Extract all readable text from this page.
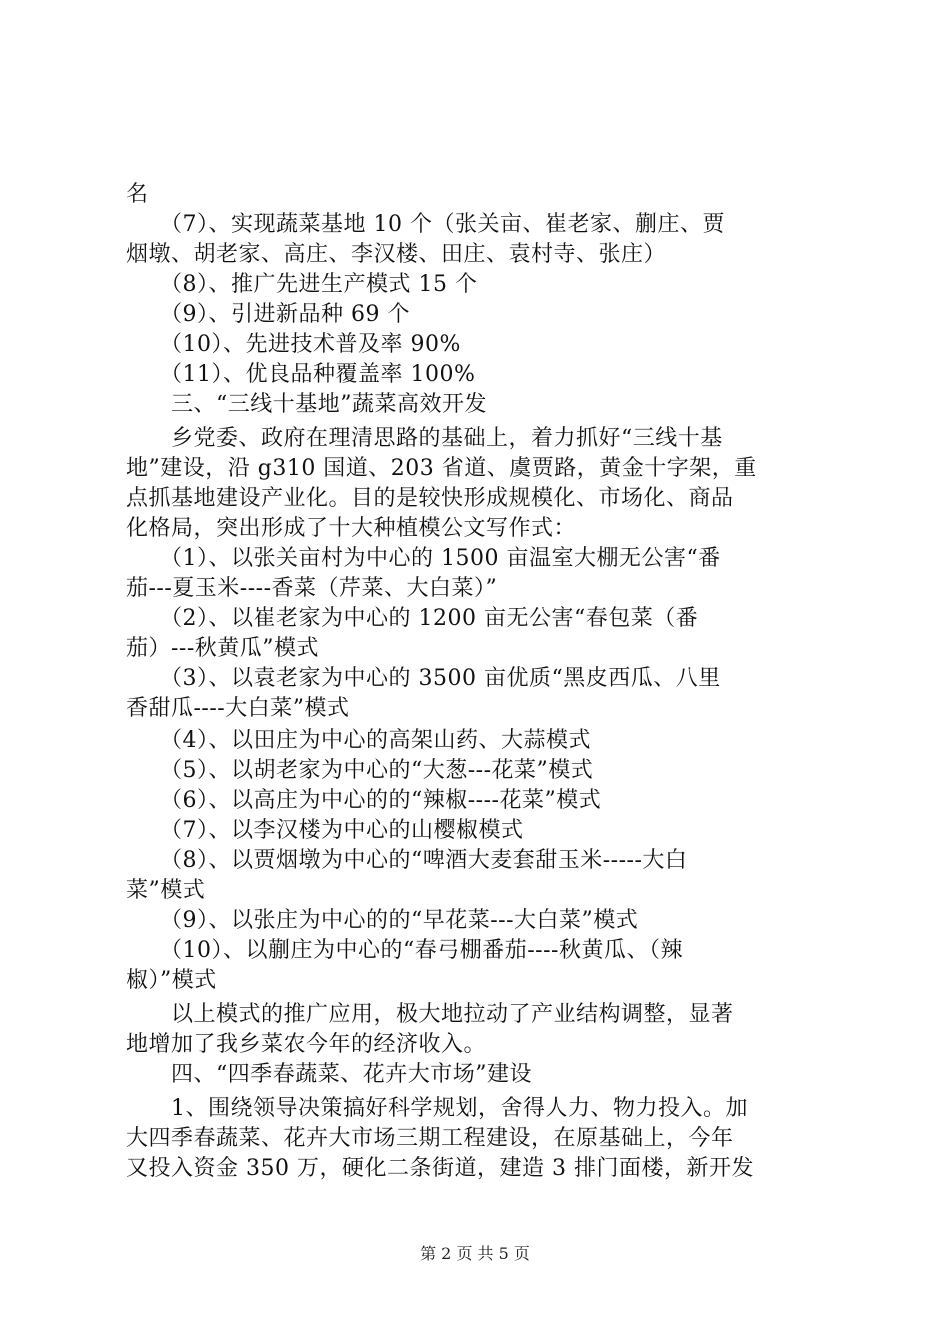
名
　　（7）、实现蔬菜基地 10 个（张关亩、崔老家、蒯庄、贾
烟墩、胡老家、高庄、李汉楼、田庄、袁村寺、张庄）
　　（8）、推广先进生产模式 15 个
　　（9）、引进新品种 69 个
　　（10）、先进技术普及率 90%
　　（11）、优良品种覆盖率 100%
　　三、“三线十基地”蔬菜高效开发
　　乡党委、政府在理清思路的基础上，着力抓好“三线十基
地”建设，沿 g310 国道、203 省道、虞贾路，黄金十字架，重
点抓基地建设产业化。目的是较快形成规模化、市场化、商品
化格局，突出形成了十大种植模公文写作式：
　　（1）、以张关亩村为中心的 1500 亩温室大棚无公害“番
茄---夏玉米----香菜（芹菜、大白菜）”
　　（2）、以崔老家为中心的 1200 亩无公害“春包菜（番
茄）---秋黄瓜”模式
　　（3）、以袁老家为中心的 3500 亩优质“黑皮西瓜、八里
香甜瓜----大白菜”模式
　　（4）、以田庄为中心的高架山药、大蒜模式
　　（5）、以胡老家为中心的“大葱---花菜”模式
　　（6）、以高庄为中心的的“辣椒----花菜”模式
　　（7）、以李汉楼为中心的山樱椒模式
　　（8）、以贾烟墩为中心的“啤酒大麦套甜玉米-----大白
菜”模式
　　（9）、以张庄为中心的的“早花菜---大白菜”模式
　　（10）、以蒯庄为中心的“春弓棚番茄----秋黄瓜、（辣
椒）”模式
　　以上模式的推广应用，极大地拉动了产业结构调整，显著
地增加了我乡菜农今年的经济收入。
　　四、“四季春蔬菜、花卉大市场”建设
　　1、围绕领导决策搞好科学规划，舍得人力、物力投入。加
大四季春蔬菜、花卉大市场三期工程建设，在原基础上，今年
又投入资金 350 万，硬化二条街道，建造 3 排门面楼，新开发
第 2 页 共 5 页
